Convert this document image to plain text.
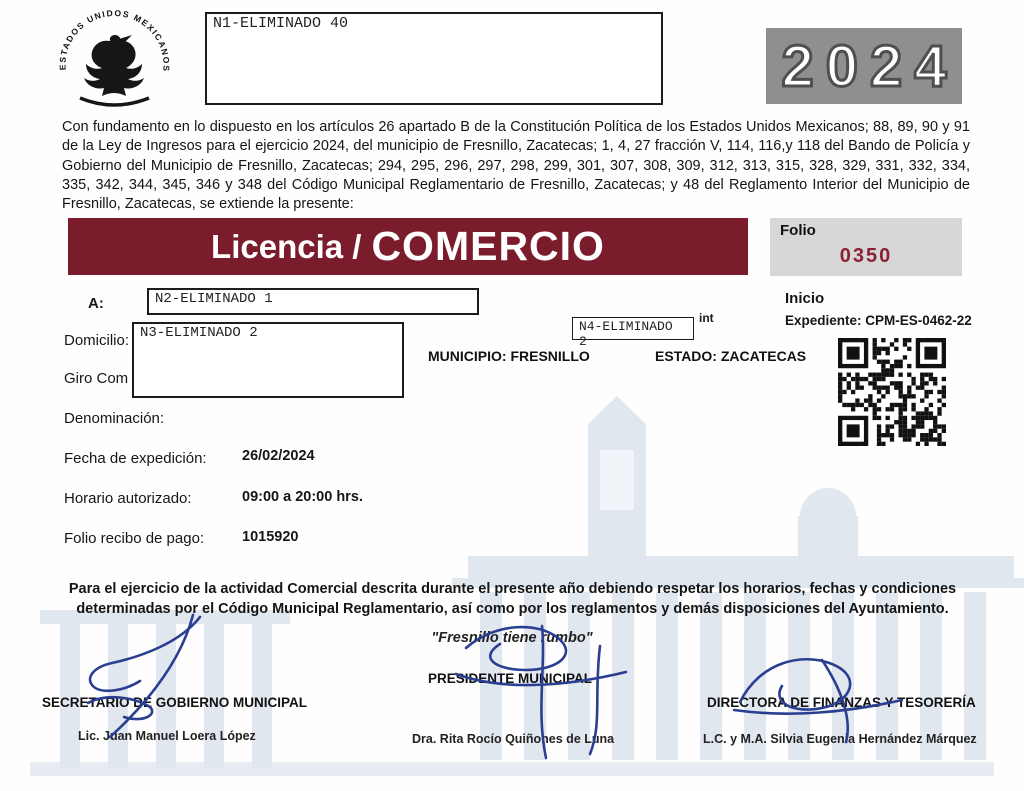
ESTADOS UNIDOS MEXICANOS
N1-ELIMINADO 40
2024
Con fundamento en lo dispuesto en los artículos 26 apartado B de la Constitución Política de los Estados Unidos Mexicanos; 88, 89, 90 y 91 de la Ley de Ingresos para el ejercicio 2024, del municipio de Fresnillo, Zacatecas; 1, 4, 27 fracción V, 114, 116,y 118 del Bando de Policía y Gobierno del Municipio de Fresnillo, Zacatecas; 294, 295, 296, 297, 298, 299, 301, 307, 308, 309, 312, 313, 315, 328, 329, 331, 332, 334, 335, 342, 344, 345, 346 y 348 del Código Municipal Reglamentario de Fresnillo, Zacatecas; y 48 del Reglamento Interior del Municipio de Fresnillo, Zacatecas, se extiende la presente:
Licencia / COMERCIO	Folio
0350
A:	N2-ELIMINADO 1	Inicio
Expediente: CPM-ES-0462-22
Domicilio: N3-ELIMINADO 2	N4-ELIMINADO 2
int
MUNICIPIO: FRESNILLO	ESTADO: ZACATECAS
Giro Com
Denominación:
Fecha de expedición: 26/02/2024
Horario autorizado:	09:00 a 20:00 hrs.
Folio recibo de pago:	1015920
Para el ejercicio de la actividad Comercial descrita durante el presente año debiendo respetar los horarios, fechas y condiciones determinadas por el Código Municipal Reglamentario, así como por los reglamentos y demás disposiciones del Ayuntamiento.
"Fresnillo tiene rumbo"
SECRETARIO DE GOBIERNO MUNICIPAL
PRESIDENTE MUNICIPAL
DIRECTORA DE FINANZAS Y TESORERÍA
Lic. Juan Manuel Loera López	Dra. Rita Rocío Quiñones de Luna	L.C. y M.A. Silvia Eugenia Hernández Márquez
